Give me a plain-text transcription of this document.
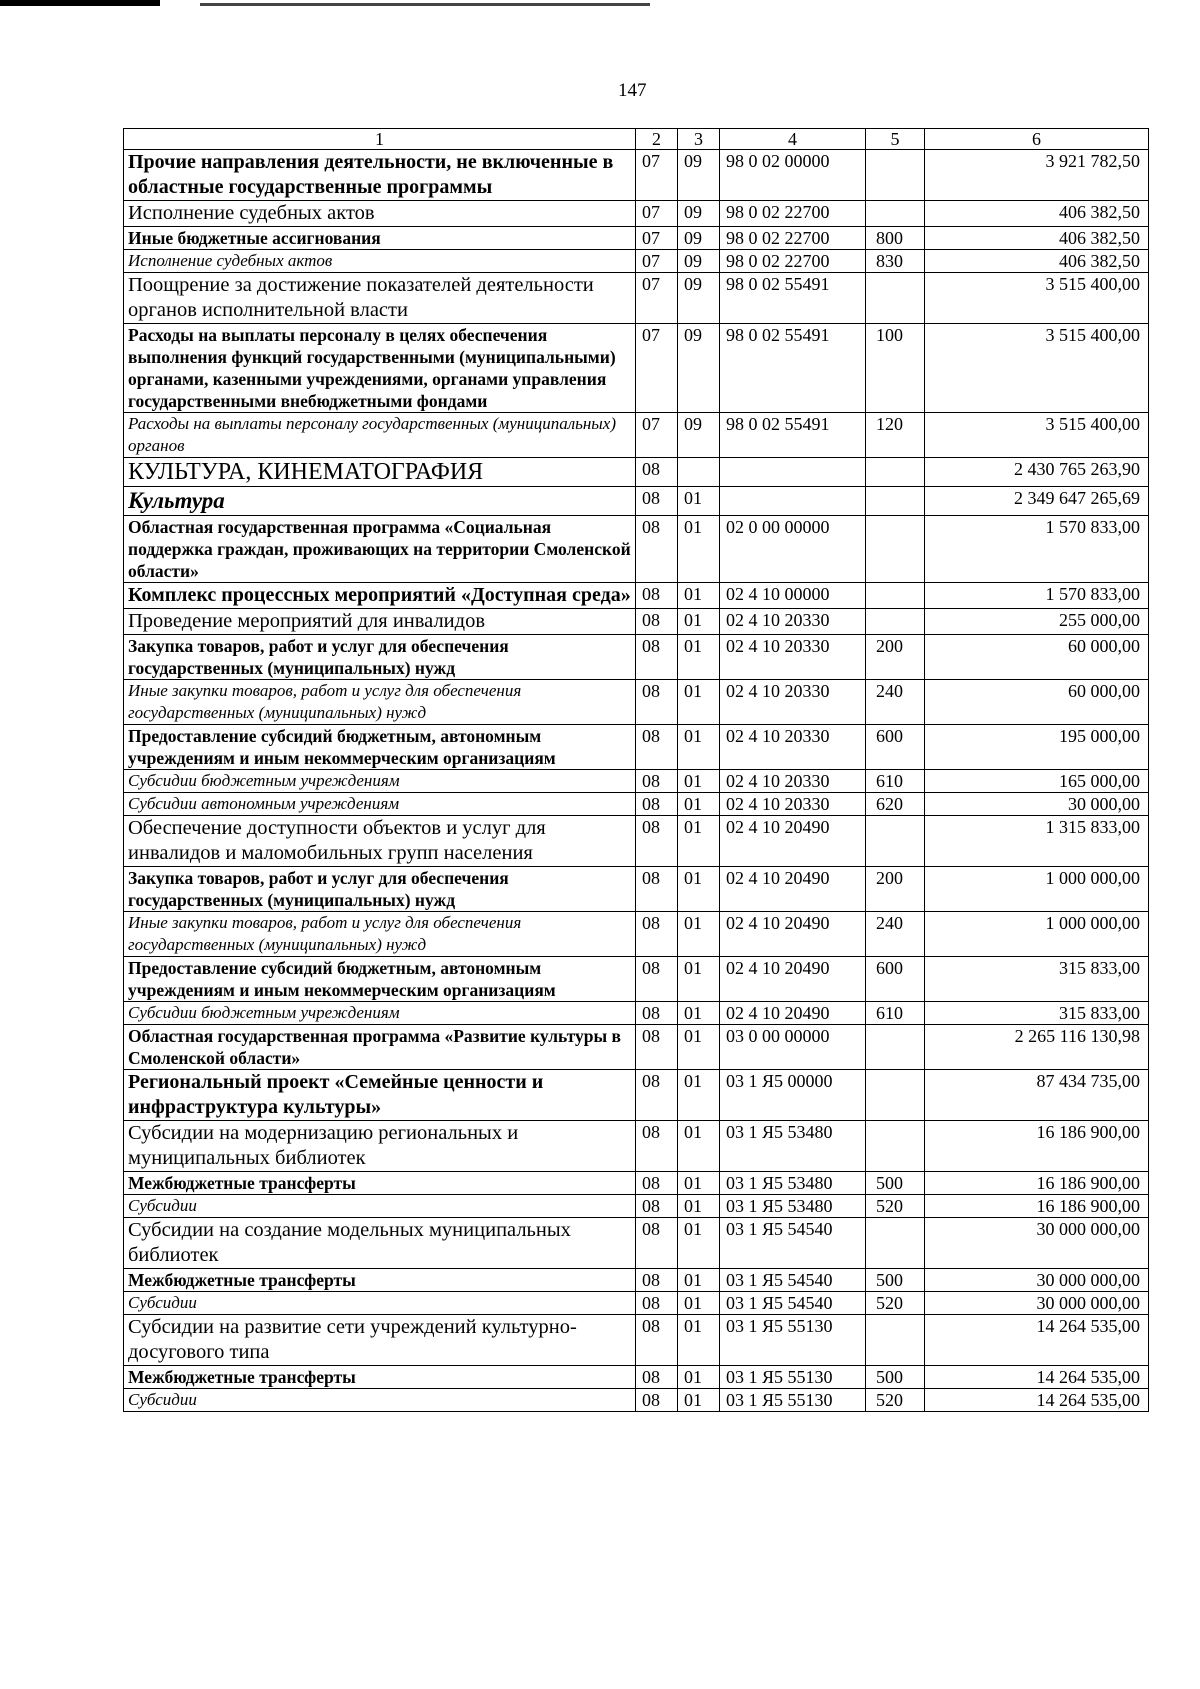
147
1	2	3	4	5	6
Прочие направления деятельности, не включенные в областные государственные программы	07	09	98 0 02 00000		3 921 782,50
Исполнение судебных актов	07	09	98 0 02 22700		406 382,50
Иные бюджетные ассигнования	07	09	98 0 02 22700	800	406 382,50
Исполнение судебных актов	07	09	98 0 02 22700	830	406 382,50
Поощрение за достижение показателей деятельности органов исполнительной власти	07	09	98 0 02 55491		3 515 400,00
Расходы на выплаты персоналу в целях обеспечения выполнения функций государственными (муниципальными) органами, казенными учреждениями, органами управления государственными внебюджетными фондами	07	09	98 0 02 55491	100	3 515 400,00
Расходы на выплаты персоналу государственных (муниципальных) органов	07	09	98 0 02 55491	120	3 515 400,00
КУЛЬТУРА, КИНЕМАТОГРАФИЯ	08				2 430 765 263,90
Культура	08	01			2 349 647 265,69
Областная государственная программа «Социальная поддержка граждан, проживающих на территории Смоленской области»	08	01	02 0 00 00000		1 570 833,00
Комплекс процессных мероприятий «Доступная среда»	08	01	02 4 10 00000		1 570 833,00
Проведение мероприятий для инвалидов	08	01	02 4 10 20330		255 000,00
Закупка товаров, работ и услуг для обеспечения государственных (муниципальных) нужд	08	01	02 4 10 20330	200	60 000,00
Иные закупки товаров, работ и услуг для обеспечения государственных (муниципальных) нужд	08	01	02 4 10 20330	240	60 000,00
Предоставление субсидий бюджетным, автономным учреждениям и иным некоммерческим организациям	08	01	02 4 10 20330	600	195 000,00
Субсидии бюджетным учреждениям	08	01	02 4 10 20330	610	165 000,00
Субсидии автономным учреждениям	08	01	02 4 10 20330	620	30 000,00
Обеспечение доступности объектов и услуг для инвалидов и маломобильных групп населения	08	01	02 4 10 20490		1 315 833,00
Закупка товаров, работ и услуг для обеспечения государственных (муниципальных) нужд	08	01	02 4 10 20490	200	1 000 000,00
Иные закупки товаров, работ и услуг для обеспечения государственных (муниципальных) нужд	08	01	02 4 10 20490	240	1 000 000,00
Предоставление субсидий бюджетным, автономным учреждениям и иным некоммерческим организациям	08	01	02 4 10 20490	600	315 833,00
Субсидии бюджетным учреждениям	08	01	02 4 10 20490	610	315 833,00
Областная государственная программа «Развитие культуры в Смоленской области»	08	01	03 0 00 00000		2 265 116 130,98
Региональный проект «Семейные ценности и инфраструктура культуры»	08	01	03 1 Я5 00000		87 434 735,00
Субсидии на модернизацию региональных и муниципальных библиотек	08	01	03 1 Я5 53480		16 186 900,00
Межбюджетные трансферты	08	01	03 1 Я5 53480	500	16 186 900,00
Субсидии	08	01	03 1 Я5 53480	520	16 186 900,00
Субсидии на создание модельных муниципальных библиотек	08	01	03 1 Я5 54540		30 000 000,00
Межбюджетные трансферты	08	01	03 1 Я5 54540	500	30 000 000,00
Субсидии	08	01	03 1 Я5 54540	520	30 000 000,00
Субсидии на развитие сети учреждений культурно-досугового типа	08	01	03 1 Я5 55130		14 264 535,00
Межбюджетные трансферты	08	01	03 1 Я5 55130	500	14 264 535,00
Субсидии	08	01	03 1 Я5 55130	520	14 264 535,00
